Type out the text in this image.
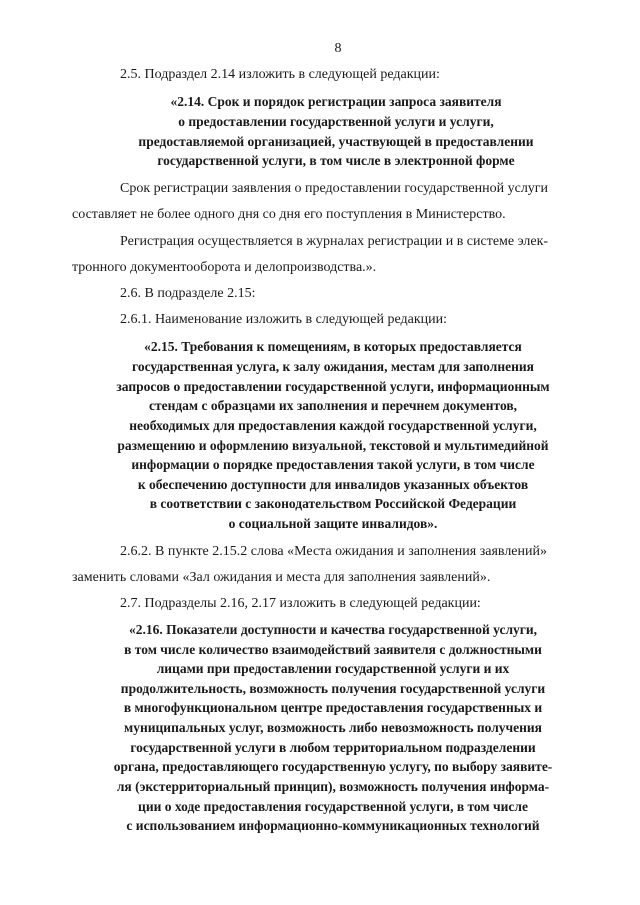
8
2.5. Подраздел 2.14 изложить в следующей редакции:
«2.14. Срок и порядок регистрации запроса заявителя
о предоставлении государственной услуги и услуги,
предоставляемой организацией, участвующей в предоставлении
государственной услуги, в том числе в электронной форме
Срок регистрации заявления о предоставлении государственной услуги
составляет не более одного дня со дня его поступления в Министерство.
Регистрация осуществляется в журналах регистрации и в системе элек-
тронного документооборота и делопроизводства.».
2.6. В подразделе 2.15:
2.6.1. Наименование изложить в следующей редакции:
«2.15. Требования к помещениям, в которых предоставляется
государственная услуга, к залу ожидания, местам для заполнения
запросов о предоставлении государственной услуги, информационным
стендам с образцами их заполнения и перечнем документов,
необходимых для предоставления каждой государственной услуги,
размещению и оформлению визуальной, текстовой и мультимедийной
информации о порядке предоставления такой услуги, в том числе
к обеспечению доступности для инвалидов указанных объектов
в соответствии с законодательством Российской Федерации
о социальной защите инвалидов».
2.6.2. В пункте 2.15.2 слова «Места ожидания и заполнения заявлений»
заменить словами «Зал ожидания и места для заполнения заявлений».
2.7. Подразделы 2.16, 2.17 изложить в следующей редакции:
«2.16. Показатели доступности и качества государственной услуги,
в том числе количество взаимодействий заявителя с должностными
лицами при предоставлении государственной услуги и их
продолжительность, возможность получения государственной услуги
в многофункциональном центре предоставления государственных и
муниципальных услуг, возможность либо невозможность получения
государственной услуги в любом территориальном подразделении
органа, предоставляющего государственную услугу, по выбору заявите-
ля (экстерриториальный принцип), возможность получения информа-
ции о ходе предоставления государственной услуги, в том числе
с использованием информационно-коммуникационных технологий
